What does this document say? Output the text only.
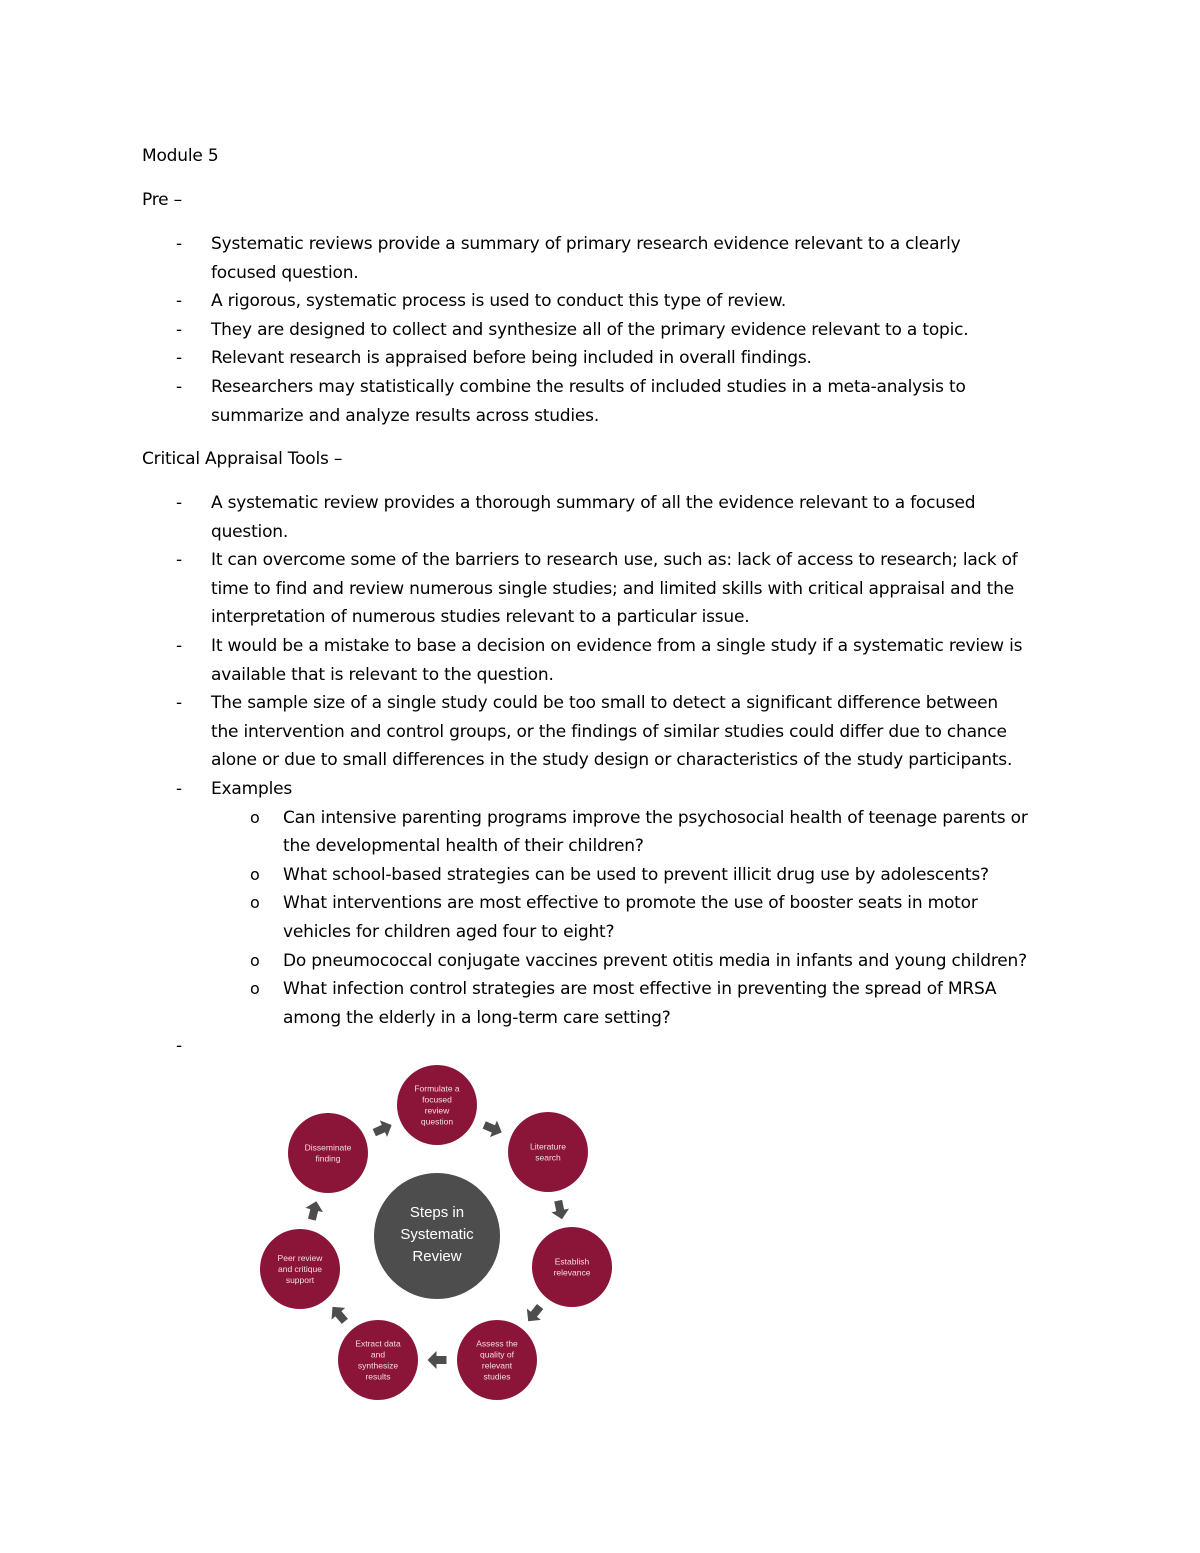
Module 5
Pre –
- Systematic reviews provide a summary of primary research evidence relevant to a clearly
focused question.
- A rigorous, systematic process is used to conduct this type of review.
- They are designed to collect and synthesize all of the primary evidence relevant to a topic.
- Relevant research is appraised before being included in overall findings.
- Researchers may statistically combine the results of included studies in a meta-analysis to
summarize and analyze results across studies.
Critical Appraisal Tools –
- A systematic review provides a thorough summary of all the evidence relevant to a focused
question.
- It can overcome some of the barriers to research use, such as: lack of access to research; lack of
time to find and review numerous single studies; and limited skills with critical appraisal and the
interpretation of numerous studies relevant to a particular issue.
- It would be a mistake to base a decision on evidence from a single study if a systematic review is
available that is relevant to the question.
- The sample size of a single study could be too small to detect a significant difference between
the intervention and control groups, or the findings of similar studies could differ due to chance
alone or due to small differences in the study design or characteristics of the study participants.
- Examples
o Can intensive parenting programs improve the psychosocial health of teenage parents or
the developmental health of their children?
o What school-based strategies can be used to prevent illicit drug use by adolescents?
o What interventions are most effective to promote the use of booster seats in motor
vehicles for children aged four to eight?
o Do pneumococcal conjugate vaccines prevent otitis media in infants and young children?
o What infection control strategies are most effective in preventing the spread of MRSA
among the elderly in a long-term care setting?
-
Steps in
Systematic
Review
Formulate a
focused
review
question
Literature
search
Establish
relevance
Assess the
quality of
relevant
studies
Extract data
and
synthesize
results
Peer review
and critique
support
Disseminate
finding
